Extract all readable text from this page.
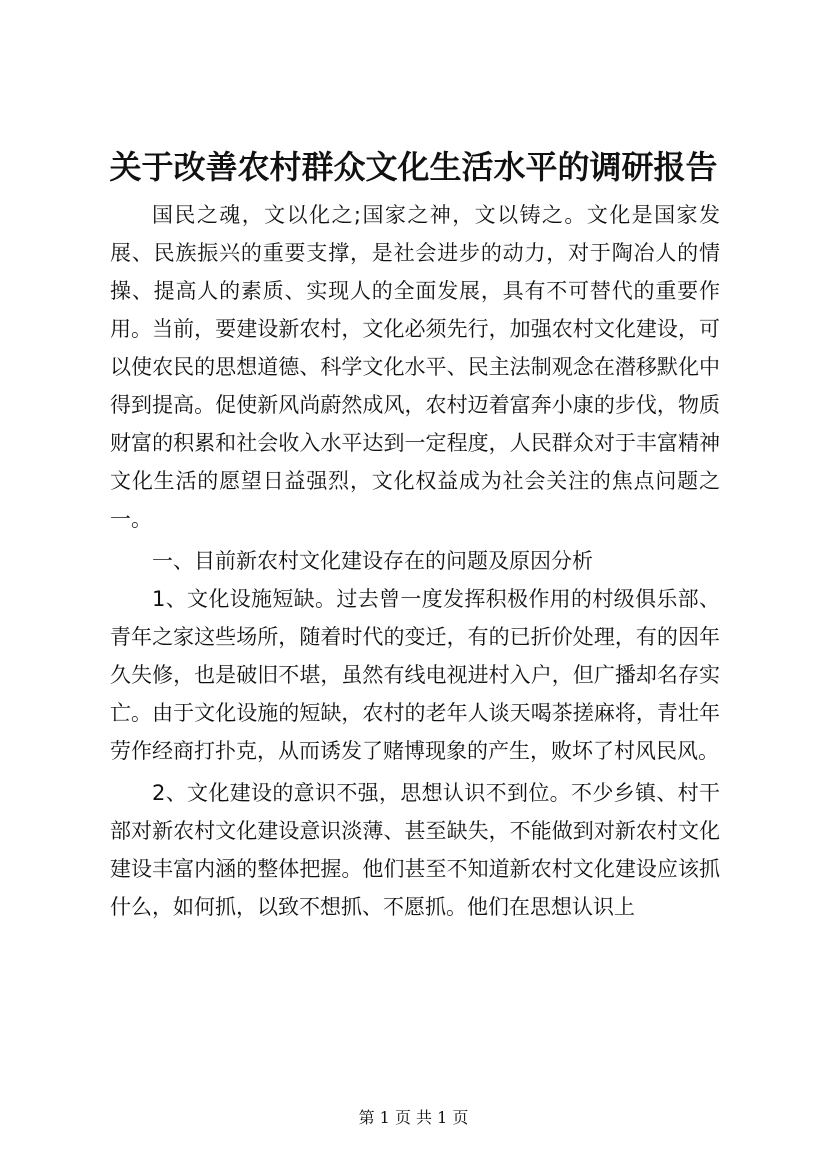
关于改善农村群众文化生活水平的调研报告

国民之魂，文以化之;国家之神，文以铸之。文化是国家发展、民族振兴的重要支撑，是社会进步的动力，对于陶冶人的情操、提高人的素质、实现人的全面发展，具有不可替代的重要作用。当前，要建设新农村，文化必须先行，加强农村文化建设，可以使农民的思想道德、科学文化水平、民主法制观念在潜移默化中得到提高。促使新风尚蔚然成风，农村迈着富奔小康的步伐，物质财富的积累和社会收入水平达到一定程度，人民群众对于丰富精神文化生活的愿望日益强烈，文化权益成为社会关注的焦点问题之一。

一、目前新农村文化建设存在的问题及原因分析

1、文化设施短缺。过去曾一度发挥积极作用的村级俱乐部、青年之家这些场所，随着时代的变迁，有的已折价处理，有的因年久失修，也是破旧不堪，虽然有线电视进村入户，但广播却名存实亡。由于文化设施的短缺，农村的老年人谈天喝茶搓麻将，青壮年劳作经商打扑克，从而诱发了赌博现象的产生，败坏了村风民风。

2、文化建设的意识不强，思想认识不到位。不少乡镇、村干部对新农村文化建设意识淡薄、甚至缺失，不能做到对新农村文化建设丰富内涵的整体把握。他们甚至不知道新农村文化建设应该抓什么，如何抓，以致不想抓、不愿抓。他们在思想认识上

第 1 页 共 1 页
